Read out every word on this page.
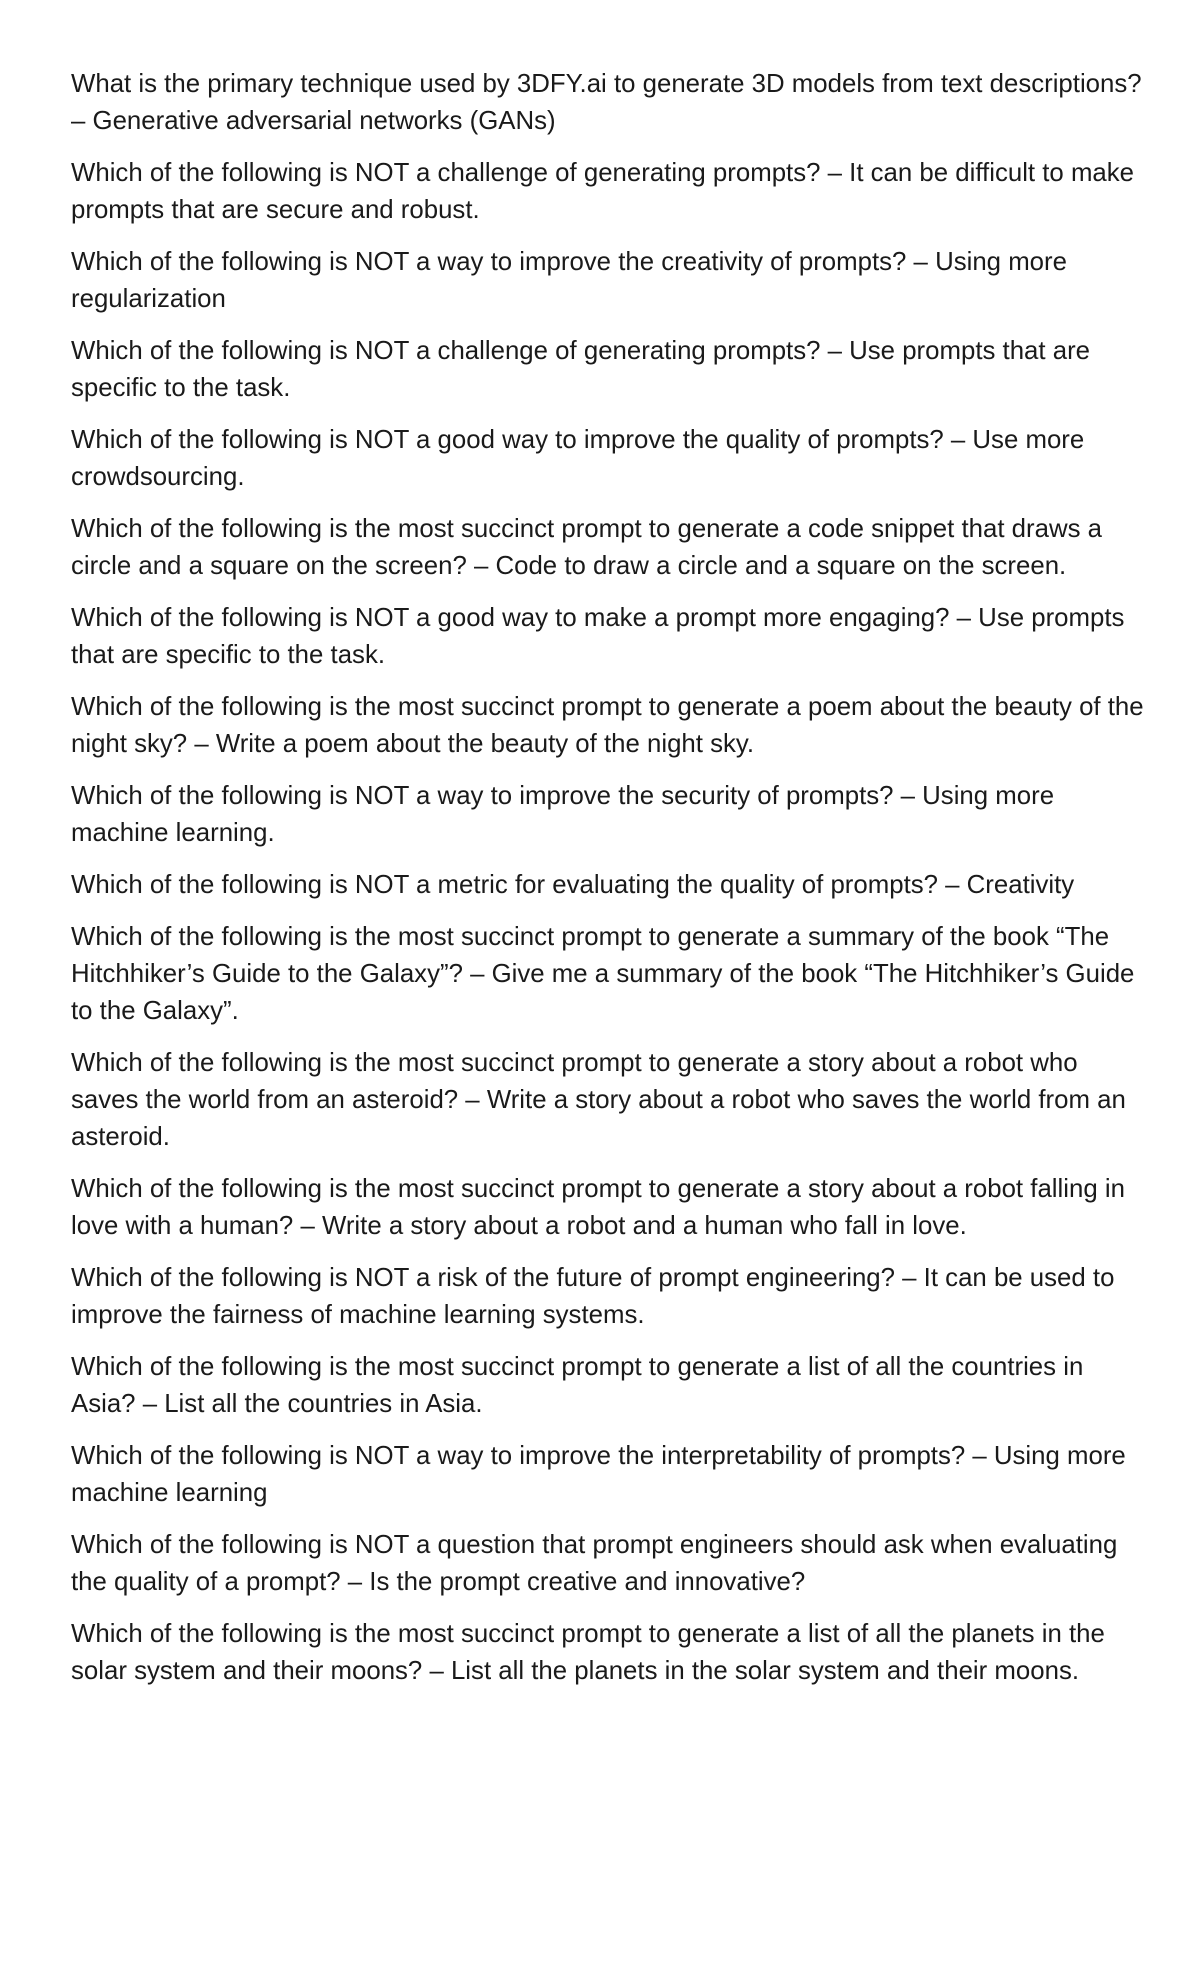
What is the primary technique used by 3DFY.ai to generate 3D models from text descriptions? – Generative adversarial networks (GANs)
Which of the following is NOT a challenge of generating prompts? – It can be difficult to make prompts that are secure and robust.
Which of the following is NOT a way to improve the creativity of prompts? – Using more regularization
Which of the following is NOT a challenge of generating prompts? – Use prompts that are specific to the task.
Which of the following is NOT a good way to improve the quality of prompts? – Use more crowdsourcing.
Which of the following is the most succinct prompt to generate a code snippet that draws a circle and a square on the screen? – Code to draw a circle and a square on the screen.
Which of the following is NOT a good way to make a prompt more engaging? – Use prompts that are specific to the task.
Which of the following is the most succinct prompt to generate a poem about the beauty of the night sky? – Write a poem about the beauty of the night sky.
Which of the following is NOT a way to improve the security of prompts? – Using more machine learning.
Which of the following is NOT a metric for evaluating the quality of prompts? – Creativity
Which of the following is the most succinct prompt to generate a summary of the book “The Hitchhiker’s Guide to the Galaxy”? – Give me a summary of the book “The Hitchhiker’s Guide to the Galaxy”.
Which of the following is the most succinct prompt to generate a story about a robot who saves the world from an asteroid? – Write a story about a robot who saves the world from an asteroid.
Which of the following is the most succinct prompt to generate a story about a robot falling in love with a human? – Write a story about a robot and a human who fall in love.
Which of the following is NOT a risk of the future of prompt engineering? – It can be used to improve the fairness of machine learning systems.
Which of the following is the most succinct prompt to generate a list of all the countries in Asia? – List all the countries in Asia.
Which of the following is NOT a way to improve the interpretability of prompts? – Using more machine learning
Which of the following is NOT a question that prompt engineers should ask when evaluating the quality of a prompt? – Is the prompt creative and innovative?
Which of the following is the most succinct prompt to generate a list of all the planets in the solar system and their moons? – List all the planets in the solar system and their moons.
